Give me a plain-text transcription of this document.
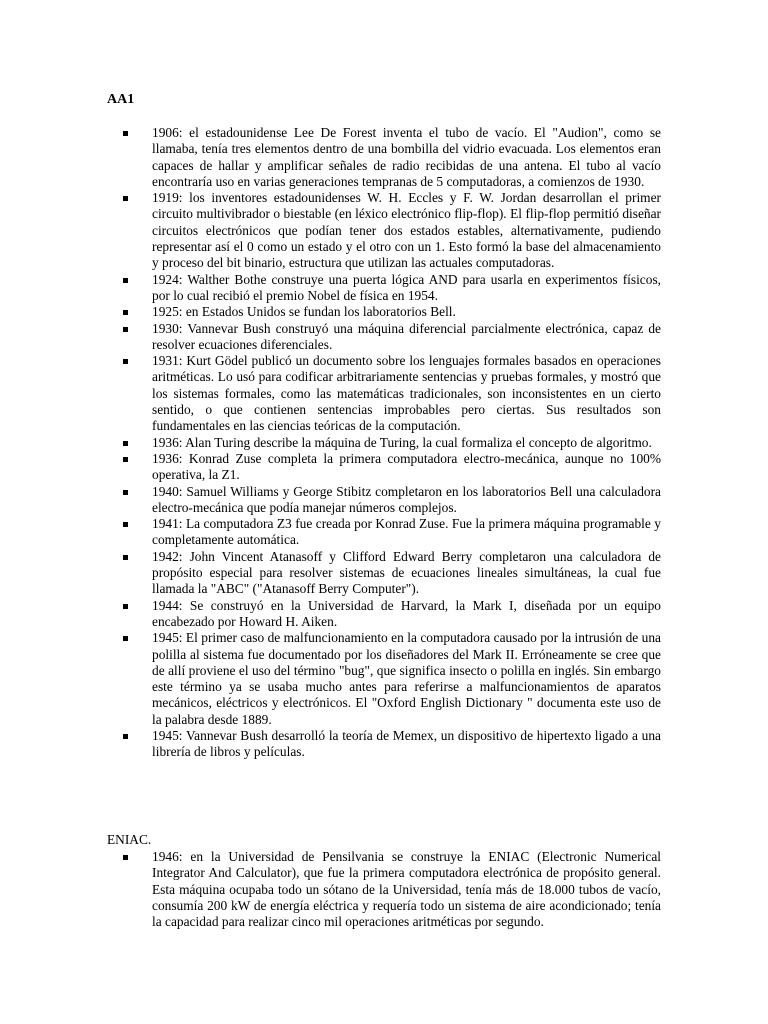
AA1
1906: el estadounidense Lee De Forest inventa el tubo de vacío. El "Audion", como se llamaba, tenía tres elementos dentro de una bombilla del vidrio evacuada. Los elementos eran capaces de hallar y amplificar señales de radio recibidas de una antena. El tubo al vacío encontraría uso en varias generaciones tempranas de 5 computadoras, a comienzos de 1930.
1919: los inventores estadounidenses W. H. Eccles y F. W. Jordan desarrollan el primer circuito multivibrador o biestable (en léxico electrónico flip-flop). El flip-flop permitió diseñar circuitos electrónicos que podían tener dos estados estables, alternativamente, pudiendo representar así el 0 como un estado y el otro con un 1. Esto formó la base del almacenamiento y proceso del bit binario, estructura que utilizan las actuales computadoras.
1924: Walther Bothe construye una puerta lógica AND para usarla en experimentos físicos, por lo cual recibió el premio Nobel de física en 1954.
1925: en Estados Unidos se fundan los laboratorios Bell.
1930: Vannevar Bush construyó una máquina diferencial parcialmente electrónica, capaz de resolver ecuaciones diferenciales.
1931: Kurt Gödel publicó un documento sobre los lenguajes formales basados en operaciones aritméticas. Lo usó para codificar arbitrariamente sentencias y pruebas formales, y mostró que los sistemas formales, como las matemáticas tradicionales, son inconsistentes en un cierto sentido, o que contienen sentencias improbables pero ciertas. Sus resultados son fundamentales en las ciencias teóricas de la computación.
1936: Alan Turing describe la máquina de Turing, la cual formaliza el concepto de algoritmo.
1936: Konrad Zuse completa la primera computadora electro-mecánica, aunque no 100% operativa, la Z1.
1940: Samuel Williams y George Stibitz completaron en los laboratorios Bell una calculadora electro-mecánica que podía manejar números complejos.
1941: La computadora Z3 fue creada por Konrad Zuse. Fue la primera máquina programable y completamente automática.
1942: John Vincent Atanasoff y Clifford Edward Berry completaron una calculadora de propósito especial para resolver sistemas de ecuaciones lineales simultáneas, la cual fue llamada la "ABC" ("Atanasoff Berry Computer").
1944: Se construyó en la Universidad de Harvard, la Mark I, diseñada por un equipo encabezado por Howard H. Aiken.
1945: El primer caso de malfuncionamiento en la computadora causado por la intrusión de una polilla al sistema fue documentado por los diseñadores del Mark II. Erróneamente se cree que de allí proviene el uso del término "bug", que significa insecto o polilla en inglés. Sin embargo este término ya se usaba mucho antes para referirse a malfuncionamientos de aparatos mecánicos, eléctricos y electrónicos. El "Oxford English Dictionary " documenta este uso de la palabra desde 1889.
1945: Vannevar Bush desarrolló la teoría de Memex, un dispositivo de hipertexto ligado a una librería de libros y películas.
ENIAC.
1946: en la Universidad de Pensilvania se construye la ENIAC (Electronic Numerical Integrator And Calculator), que fue la primera computadora electrónica de propósito general. Esta máquina ocupaba todo un sótano de la Universidad, tenía más de 18.000 tubos de vacío, consumía 200 kW de energía eléctrica y requería todo un sistema de aire acondicionado; tenía la capacidad para realizar cinco mil operaciones aritméticas por segundo.
